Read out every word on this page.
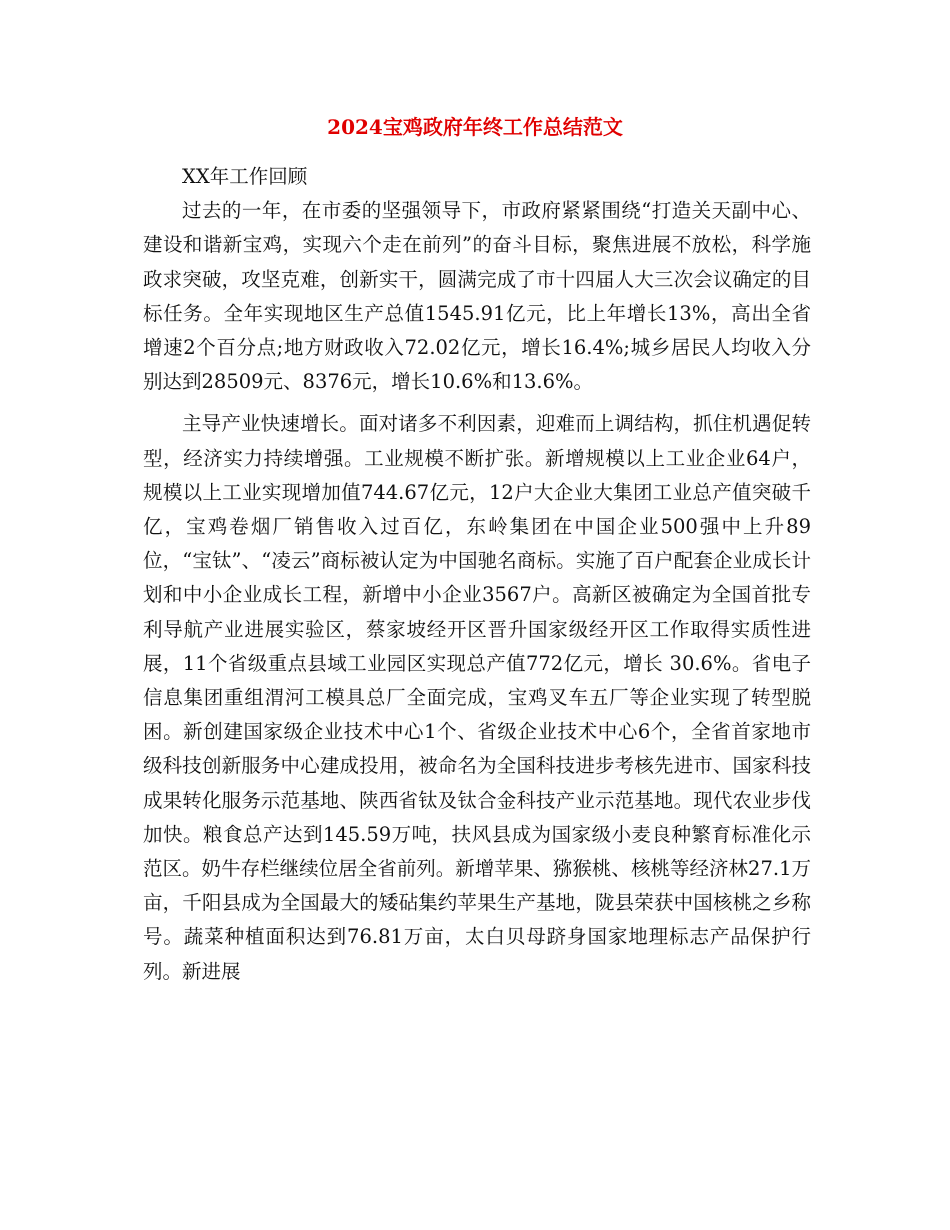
2024宝鸡政府年终工作总结范文

XX年工作回顾

过去的一年，在市委的坚强领导下，市政府紧紧围绕“打造关天副中心、建设和谐新宝鸡，实现六个走在前列”的奋斗目标，聚焦进展不放松，科学施政求突破，攻坚克难，创新实干，圆满完成了市十四届人大三次会议确定的目标任务。全年实现地区生产总值1545.91亿元，比上年增长13%，高出全省增速2个百分点;地方财政收入72.02亿元，增长16.4%;城乡居民人均收入分别达到28509元、8376元，增长10.6%和13.6%。

主导产业快速增长。面对诸多不利因素，迎难而上调结构，抓住机遇促转型，经济实力持续增强。工业规模不断扩张。新增规模以上工业企业64户，规模以上工业实现增加值744.67亿元，12户大企业大集团工业总产值突破千亿，宝鸡卷烟厂销售收入过百亿，东岭集团在中国企业500强中上升89位，“宝钛”、“凌云”商标被认定为中国驰名商标。实施了百户配套企业成长计划和中小企业成长工程，新增中小企业3567户。高新区被确定为全国首批专利导航产业进展实验区，蔡家坡经开区晋升国家级经开区工作取得实质性进展，11个省级重点县域工业园区实现总产值772亿元，增长 30.6%。省电子信息集团重组渭河工模具总厂全面完成，宝鸡叉车五厂等企业实现了转型脱困。新创建国家级企业技术中心1个、省级企业技术中心6个，全省首家地市级科技创新服务中心建成投用，被命名为全国科技进步考核先进市、国家科技成果转化服务示范基地、陕西省钛及钛合金科技产业示范基地。现代农业步伐加快。粮食总产达到145.59万吨，扶风县成为国家级小麦良种繁育标准化示范区。奶牛存栏继续位居全省前列。新增苹果、猕猴桃、核桃等经济林27.1万亩，千阳县成为全国最大的矮砧集约苹果生产基地，陇县荣获中国核桃之乡称号。蔬菜种植面积达到76.81万亩，太白贝母跻身国家地理标志产品保护行列。新进展
